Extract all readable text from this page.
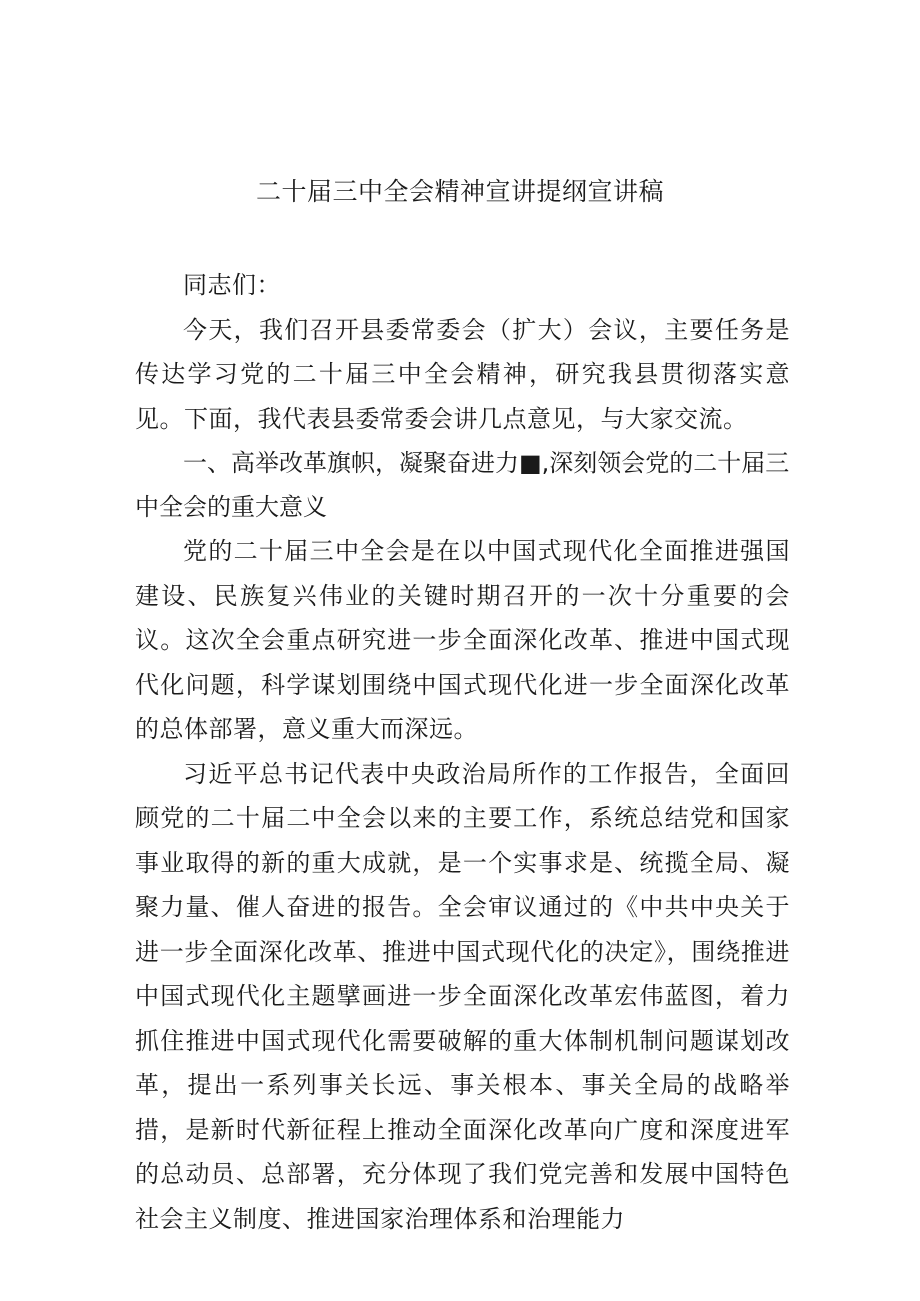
二十届三中全会精神宣讲提纲宣讲稿

同志们：

今天，我们召开县委常委会（扩大）会议，主要任务是传达学习党的二十届三中全会精神，研究我县贯彻落实意见。下面，我代表县委常委会讲几点意见，与大家交流。

一、高举改革旗帜，凝聚奋进力■,深刻领会党的二十届三中全会的重大意义

党的二十届三中全会是在以中国式现代化全面推进强国建设、民族复兴伟业的关键时期召开的一次十分重要的会议。这次全会重点研究进一步全面深化改革、推进中国式现代化问题，科学谋划围绕中国式现代化进一步全面深化改革的总体部署，意义重大而深远。

习近平总书记代表中央政治局所作的工作报告，全面回顾党的二十届二中全会以来的主要工作，系统总结党和国家事业取得的新的重大成就，是一个实事求是、统揽全局、凝聚力量、催人奋进的报告。全会审议通过的《中共中央关于进一步全面深化改革、推进中国式现代化的决定》，围绕推进中国式现代化主题擘画进一步全面深化改革宏伟蓝图，着力抓住推进中国式现代化需要破解的重大体制机制问题谋划改革，提出一系列事关长远、事关根本、事关全局的战略举措，是新时代新征程上推动全面深化改革向广度和深度进军的总动员、总部署，充分体现了我们党完善和发展中国特色社会主义制度、推进国家治理体系和治理能力
